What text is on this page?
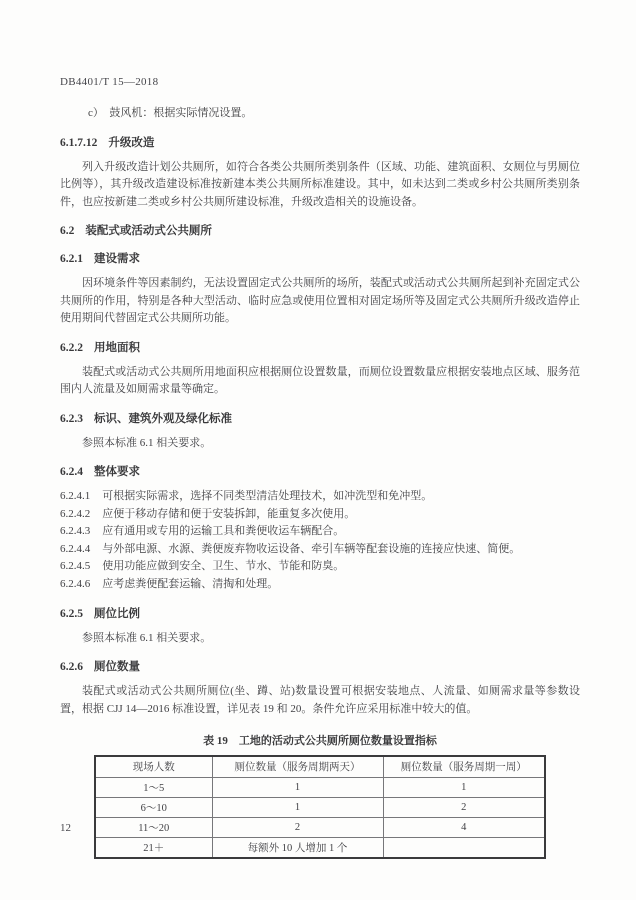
DB4401/T 15—2018
c）　鼓风机：根据实际情况设置。
6.1.7.12 升级改造

列入升级改造计划公共厕所，如符合各类公共厕所类别条件（区域、功能、建筑面积、女厕位与男厕位比例等），其升级改造建设标准按新建本类公共厕所标准建设。其中，如未达到二类或乡村公共厕所类别条件，也应按新建二类或乡村公共厕所建设标准，升级改造相关的设施设备。

6.2 装配式或活动式公共厕所
6.2.1 建设需求

因环境条件等因素制约，无法设置固定式公共厕所的场所，装配式或活动式公共厕所起到补充固定式公共厕所的作用，特别是各种大型活动、临时应急或使用位置相对固定场所等及固定式公共厕所升级改造停止使用期间代替固定式公共厕所功能。

6.2.2 用地面积

装配式或活动式公共厕所用地面积应根据厕位设置数量，而厕位设置数量应根据安装地点区域、服务范围内人流量及如厕需求量等确定。

6.2.3 标识、建筑外观及绿化标准

参照本标准 6.1 相关要求。

6.2.4 整体要求
6.2.4.1 可根据实际需求，选择不同类型清洁处理技术，如冲洗型和免冲型。
6.2.4.2 应便于移动存储和便于安装拆卸，能重复多次使用。
6.2.4.3 应有通用或专用的运输工具和粪便收运车辆配合。
6.2.4.4 与外部电源、水源、粪便废弃物收运设备、牵引车辆等配套设施的连接应快速、简便。
6.2.4.5 使用功能应做到安全、卫生、节水、节能和防臭。
6.2.4.6 应考虑粪便配套运输、清掏和处理。
6.2.5 厕位比例

参照本标准 6.1 相关要求。

6.2.6 厕位数量

装配式或活动式公共厕所厕位(坐、蹲、站)数量设置可根据安装地点、人流量、如厕需求量等参数设置，根据 CJJ 14—2016 标准设置，详见表 19 和 20。条件允许应采用标准中较大的值。

表 19　工地的活动式公共厕所厕位数量设置指标
现场人数	厕位数量（服务周期两天）	厕位数量（服务周期一周）
1～5	1	1
6～10	1	2
11～20	2	4
21＋	每额外 10 人增加 1 个	
12
